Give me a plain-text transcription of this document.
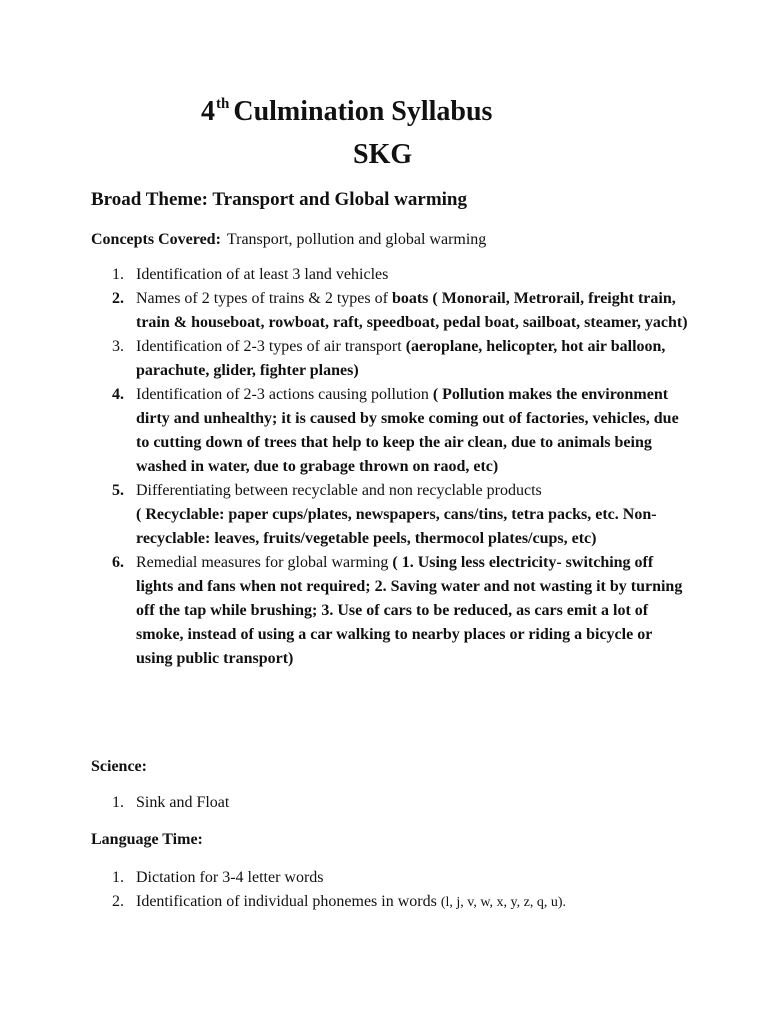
4th Culmination Syllabus
SKG
Broad Theme: Transport and Global warming
Concepts Covered: Transport, pollution and global warming
1. Identification of at least 3 land vehicles
2. Names of 2 types of trains & 2 types of boats ( Monorail, Metrorail, freight train, train & houseboat, rowboat, raft, speedboat, pedal boat, sailboat, steamer, yacht)
3. Identification of 2-3 types of air transport (aeroplane, helicopter, hot air balloon, parachute, glider, fighter planes)
4. Identification of 2-3 actions causing pollution ( Pollution makes the environment dirty and unhealthy; it is caused by smoke coming out of factories, vehicles, due to cutting down of trees that help to keep the air clean, due to animals being washed in water, due to grabage thrown on raod, etc)
5. Differentiating between recyclable and non recyclable products
( Recyclable: paper cups/plates, newspapers, cans/tins, tetra packs, etc. Non-recyclable: leaves, fruits/vegetable peels, thermocol plates/cups, etc)
6. Remedial measures for global warming ( 1. Using less electricity- switching off lights and fans when not required; 2. Saving water and not wasting it by turning off the tap while brushing; 3. Use of cars to be reduced, as cars emit a lot of smoke, instead of using a car walking to nearby places or riding a bicycle or using public transport)
Science:
1. Sink and Float
Language Time:
1. Dictation for 3-4 letter words
2. Identification of individual phonemes in words (l, j, v, w, x, y, z, q, u).
